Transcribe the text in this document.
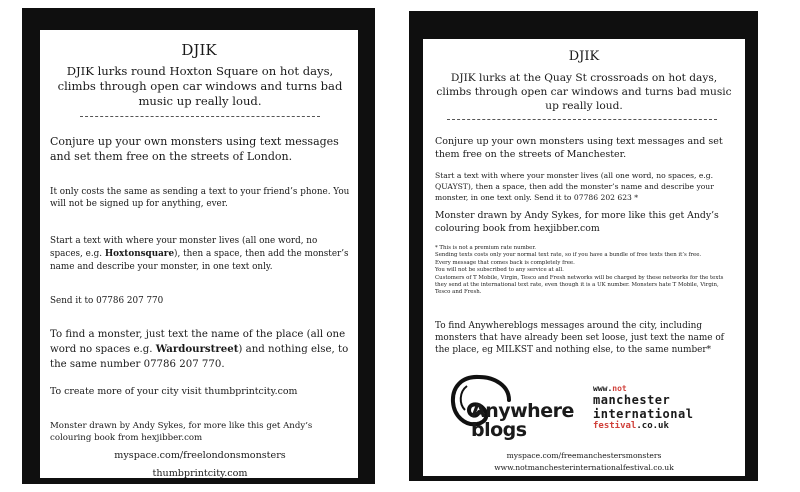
DJIK

DJIK lurks round Hoxton Square on hot days, climbs through open car windows and turns bad music up really loud.

Conjure up your own monsters using text messages and set them free on the streets of London.

It only costs the same as sending a text to your friend’s phone. You will not be signed up for anything, ever.

Start a text with where your monster lives (all one word, no spaces, e.g. Hoxtonsquare), then a space, then add the monster’s name and describe your monster, in one text only.

Send it to 07786 207 770

To find a monster, just text the name of the place (all one word no spaces e.g. Wardourstreet) and nothing else, to the same number 07786 207 770.

To create more of your city visit thumbprintcity.com

Monster drawn by Andy Sykes, for more like this get Andy’s colouring book from hexjibber.com

myspace.com/freelondonsmonsters

thumbprintcity.com

DJIK

DJIK lurks at the Quay St crossroads on hot days, climbs through open car windows and turns bad music up really loud.

Conjure up your own monsters using text messages and set them free on the streets of Manchester.

Start a text with where your monster lives (all one word, no spaces, e.g. QUAYST), then a space, then add the monster’s name and describe your monster, in one text only. Send it to 07786 202 623 *

Monster drawn by Andy Sykes, for more like this get Andy’s colouring book from hexjibber.com

* This is not a premium rate number.
Sending texts costs only your normal text rate, so if you have a bundle of free texts then it’s free.
Every message that comes back is completely free.
You will not be subscribed to any service at all.
Customers of T Mobile, Virgin, Tesco and Fresh networks will be charged by these networks for the texts they send at the international text rate, even though it is a UK number. Monsters hate T Mobile, Virgin, Tesco and Fresh.

To find Anywhereblogs messages around the city, including monsters that have already been set loose, just text the name of the place, eg MILKST and nothing else, to the same number*

Anywhere
blogs
www.not
manchester
international
festival.co.uk

myspace.com/freemanchestersmonsters

www.notmanchesterinternationalfestival.co.uk
